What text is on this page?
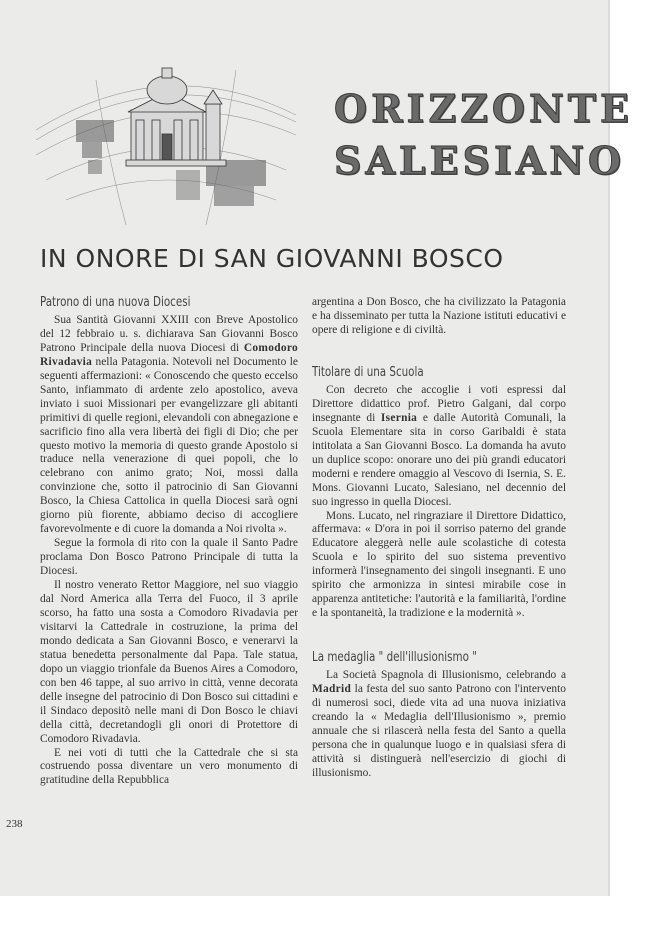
ORIZZONTE
SALESIANO
IN ONORE DI SAN GIOVANNI BOSCO
Patrono di una nuova Diocesi

Sua Santità Giovanni XXIII con Breve Apostolico del 12 febbraio u. s. dichiarava San Giovanni Bosco Patrono Principale della nuova Diocesi di Comodoro Rivadavia nella Patagonia. Notevoli nel Documento le seguenti affermazioni: « Conoscendo che questo eccelso Santo, infiammato di ardente zelo apostolico, aveva inviato i suoi Missionari per evangelizzare gli abitanti primitivi di quelle regioni, elevandoli con abnegazione e sacrificio fino alla vera libertà dei figli di Dio; che per questo motivo la memoria di questo grande Apostolo si traduce nella venerazione di quei popoli, che lo celebrano con animo grato; Noi, mossi dalla convinzione che, sotto il patrocinio di San Giovanni Bosco, la Chiesa Cattolica in quella Diocesi sarà ogni giorno più fiorente, abbiamo deciso di accogliere favorevolmente e di cuore la domanda a Noi rivolta ».

Segue la formola di rito con la quale il Santo Padre proclama Don Bosco Patrono Principale di tutta la Diocesi.

Il nostro venerato Rettor Maggiore, nel suo viaggio dal Nord America alla Terra del Fuoco, il 3 aprile scorso, ha fatto una sosta a Comodoro Rivadavia per visitarvi la Cattedrale in costruzione, la prima del mondo dedicata a San Giovanni Bosco, e venerarvi la statua benedetta personalmente dal Papa. Tale statua, dopo un viaggio trionfale da Buenos Aires a Comodoro, con ben 46 tappe, al suo arrivo in città, venne decorata delle insegne del patrocinio di Don Bosco sui cittadini e il Sindaco depositò nelle mani di Don Bosco le chiavi della città, decretandogli gli onori di Protettore di Comodoro Rivadavia.

E nei voti di tutti che la Cattedrale che si sta costruendo possa diventare un vero monumento di gratitudine della Repubblica

argentina a Don Bosco, che ha civilizzato la Patagonia e ha disseminato per tutta la Nazione istituti educativi e opere di religione e di civiltà.

Titolare di una Scuola

Con decreto che accoglie i voti espressi dal Direttore didattico prof. Pietro Galgani, dal corpo insegnante di Isernia e dalle Autorità Comunali, la Scuola Elementare sita in corso Garibaldi è stata intitolata a San Giovanni Bosco. La domanda ha avuto un duplice scopo: onorare uno dei più grandi educatori moderni e rendere omaggio al Vescovo di Isernia, S. E. Mons. Giovanni Lucato, Salesiano, nel decennio del suo ingresso in quella Diocesi.

Mons. Lucato, nel ringraziare il Direttore Didattico, affermava: « D'ora in poi il sorriso paterno del grande Educatore aleggerà nelle aule scolastiche di cotesta Scuola e lo spirito del suo sistema preventivo informerà l'insegnamento dei singoli insegnanti. E uno spirito che armonizza in sintesi mirabile cose in apparenza antitetiche: l'autorità e la familiarità, l'ordine e la spontaneità, la tradizione e la modernità ».

La medaglia " dell'illusionismo "

La Società Spagnola di Illusionismo, celebrando a Madrid la festa del suo santo Patrono con l'intervento di numerosi soci, diede vita ad una nuova iniziativa creando la « Medaglia dell'Illusionismo », premio annuale che si rilascerà nella festa del Santo a quella persona che in qualunque luogo e in qualsiasi sfera di attività si distinguerà nell'esercizio di giochi di illusionismo.

238
